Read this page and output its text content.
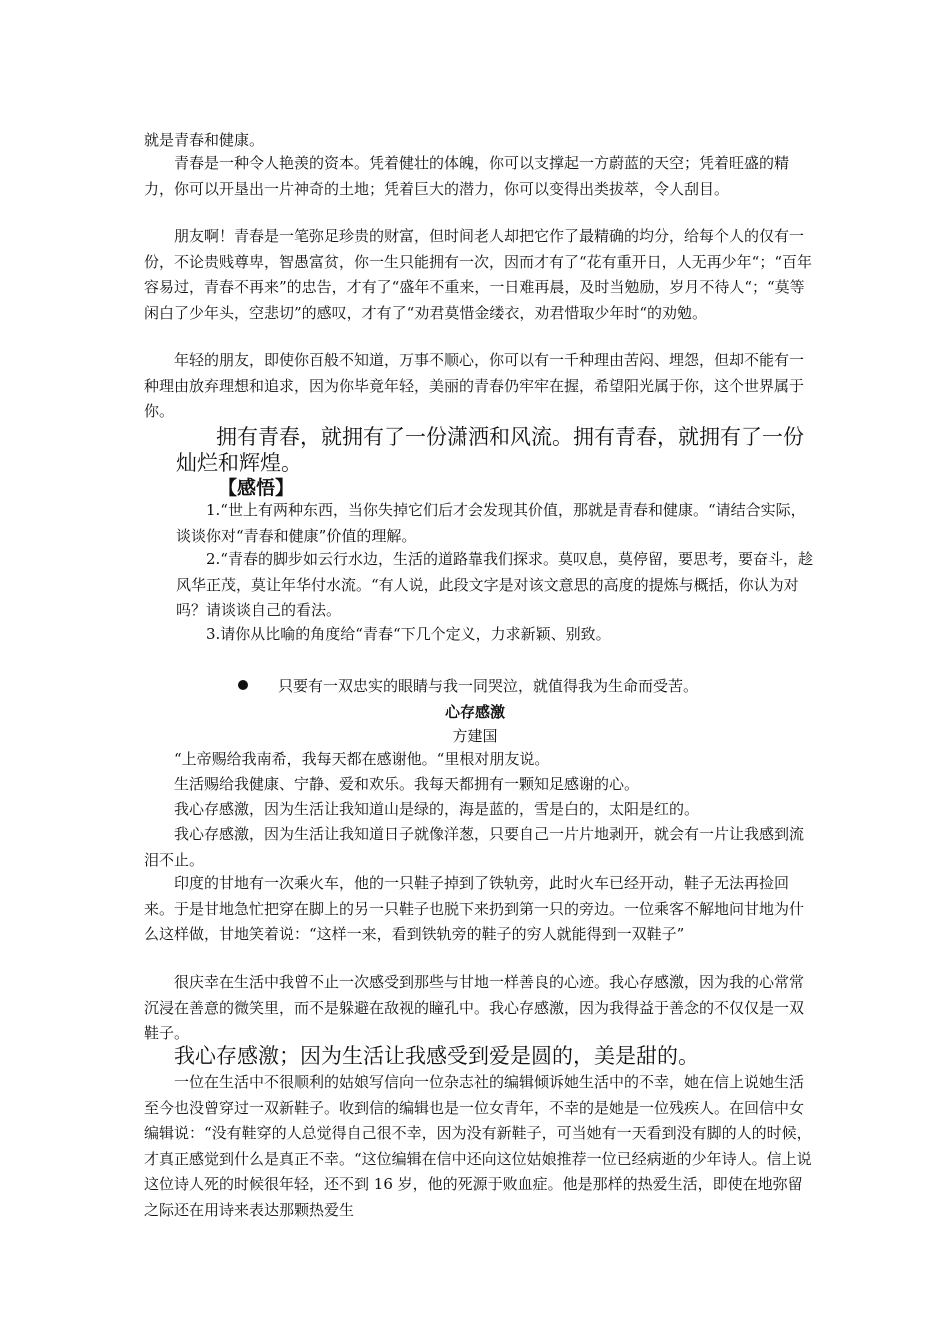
就是青春和健康。

青春是一种令人艳羡的资本。凭着健壮的体魄，你可以支撑起一方蔚蓝的天空；凭着旺盛的精力，你可以开垦出一片神奇的土地；凭着巨大的潜力，你可以变得出类拔萃，令人刮目。

朋友啊！青春是一笔弥足珍贵的财富，但时间老人却把它作了最精确的均分，给每个人的仅有一份，不论贵贱尊卑，智愚富贫，你一生只能拥有一次，因而才有了“花有重开日，人无再少年“；“百年容易过，青春不再来”的忠告，才有了“盛年不重来，一日难再晨，及时当勉励，岁月不待人“；“莫等闲白了少年头，空悲切”的感叹，才有了“劝君莫惜金缕衣，劝君惜取少年时“的劝勉。

年轻的朋友，即使你百般不知道，万事不顺心，你可以有一千种理由苦闷、埋怨，但却不能有一种理由放弃理想和追求，因为你毕竟年轻，美丽的青春仍牢牢在握，希望阳光属于你，这个世界属于你。

拥有青春，就拥有了一份潇洒和风流。拥有青春，就拥有了一份灿烂和辉煌。

【感悟】

1.“世上有两种东西，当你失掉它们后才会发现其价值，那就是青春和健康。“请结合实际，谈谈你对“青春和健康”价值的理解。

2.“青春的脚步如云行水边，生活的道路靠我们探求。莫叹息，莫停留，要思考，要奋斗，趁风华正茂，莫让年华付水流。“有人说，此段文字是对该文意思的高度的提炼与概括，你认为对吗？请谈谈自己的看法。

3.请你从比喻的角度给“青春“下几个定义，力求新颖、别致。

只要有一双忠实的眼睛与我一同哭泣，就值得我为生命而受苦。

心存感激

方建国

“上帝赐给我南希，我每天都在感谢他。“里根对朋友说。

生活赐给我健康、宁静、爱和欢乐。我每天都拥有一颗知足感谢的心。

我心存感激，因为生活让我知道山是绿的，海是蓝的，雪是白的，太阳是红的。

我心存感激，因为生活让我知道日子就像洋葱，只要自己一片片地剥开，就会有一片让我感到流泪不止。

印度的甘地有一次乘火车，他的一只鞋子掉到了铁轨旁，此时火车已经开动，鞋子无法再捡回来。于是甘地急忙把穿在脚上的另一只鞋子也脱下来扔到第一只的旁边。一位乘客不解地问甘地为什么这样做，甘地笑着说：“这样一来，看到铁轨旁的鞋子的穷人就能得到一双鞋子”

很庆幸在生活中我曾不止一次感受到那些与甘地一样善良的心迹。我心存感激，因为我的心常常沉浸在善意的微笑里，而不是躲避在敌视的瞳孔中。我心存感激，因为我得益于善念的不仅仅是一双鞋子。

我心存感激；因为生活让我感受到爱是圆的，美是甜的。

一位在生活中不很顺利的姑娘写信向一位杂志社的编辑倾诉她生活中的不幸，她在信上说她生活至今也没曾穿过一双新鞋子。收到信的编辑也是一位女青年，不幸的是她是一位残疾人。在回信中女编辑说：“没有鞋穿的人总觉得自己很不幸，因为没有新鞋子，可当她有一天看到没有脚的人的时候，才真正感觉到什么是真正不幸。“这位编辑在信中还向这位姑娘推荐一位已经病逝的少年诗人。信上说这位诗人死的时候很年轻，还不到 16 岁，他的死源于败血症。他是那样的热爱生活，即使在地弥留之际还在用诗来表达那颗热爱生
